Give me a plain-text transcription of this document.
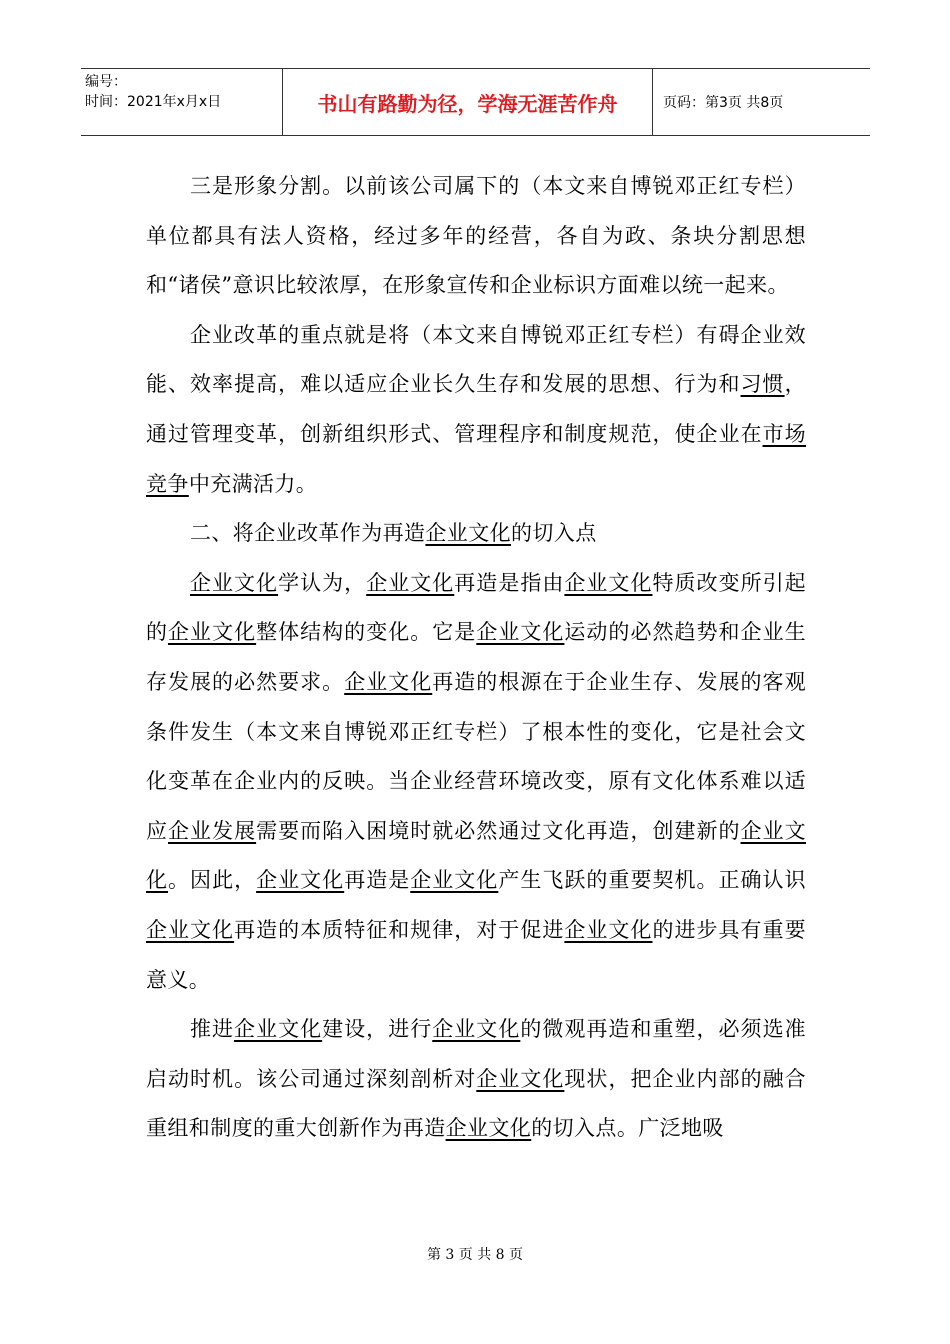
编号：
时间：2021年x月x日	书山有路勤为径，学海无涯苦作舟	页码：第3页 共8页

三是形象分割。以前该公司属下的（本文来自博锐邓正红专栏）单位都具有法人资格，经过多年的经营，各自为政、条块分割思想和“诸侯”意识比较浓厚，在形象宣传和企业标识方面难以统一起来。

企业改革的重点就是将（本文来自博锐邓正红专栏）有碍企业效能、效率提高，难以适应企业长久生存和发展的思想、行为和习惯，通过管理变革，创新组织形式、管理程序和制度规范，使企业在市场竞争中充满活力。

二、将企业改革作为再造企业文化的切入点

企业文化学认为，企业文化再造是指由企业文化特质改变所引起的企业文化整体结构的变化。它是企业文化运动的必然趋势和企业生存发展的必然要求。企业文化再造的根源在于企业生存、发展的客观条件发生（本文来自博锐邓正红专栏）了根本性的变化，它是社会文化变革在企业内的反映。当企业经营环境改变，原有文化体系难以适应企业发展需要而陷入困境时就必然通过文化再造，创建新的企业文化。因此，企业文化再造是企业文化产生飞跃的重要契机。正确认识企业文化再造的本质特征和规律，对于促进企业文化的进步具有重要意义。

推进企业文化建设，进行企业文化的微观再造和重塑，必须选准启动时机。该公司通过深刻剖析对企业文化现状，把企业内部的融合重组和制度的重大创新作为再造企业文化的切入点。广泛地吸

第 3 页 共 8 页
